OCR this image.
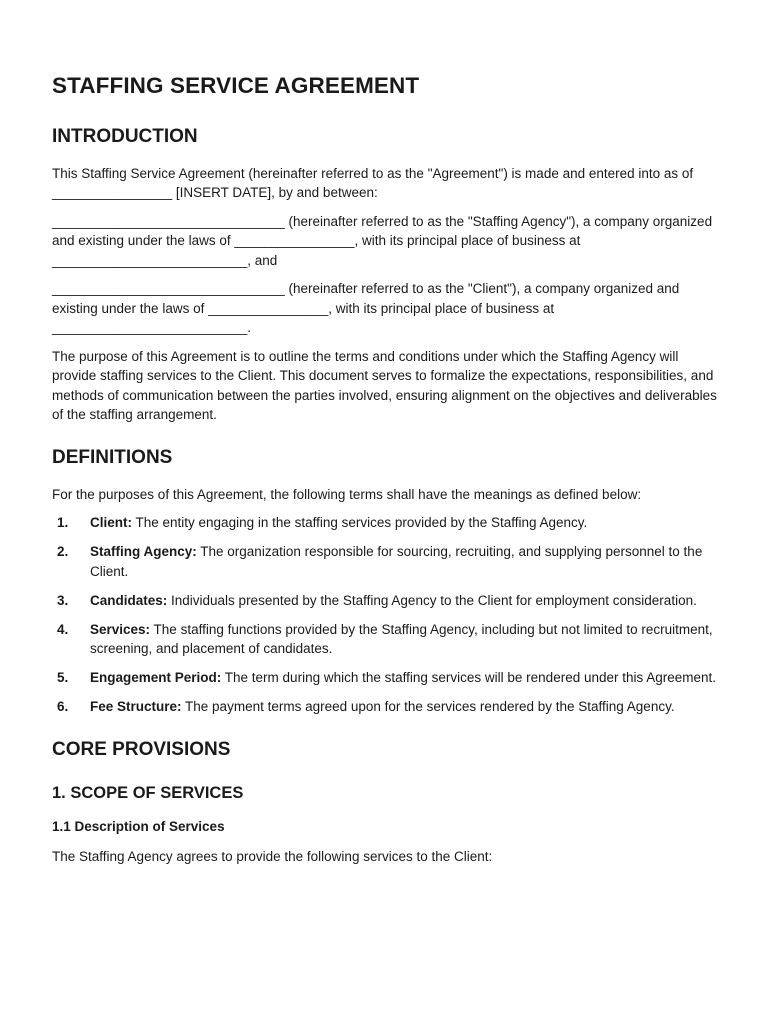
STAFFING SERVICE AGREEMENT
INTRODUCTION

This Staffing Service Agreement (hereinafter referred to as the "Agreement") is made and entered into as of ________________ [INSERT DATE], by and between:

_______________________________ (hereinafter referred to as the "Staffing Agency"), a company organized and existing under the laws of ________________, with its principal place of business at __________________________, and

_______________________________ (hereinafter referred to as the "Client"), a company organized and existing under the laws of ________________, with its principal place of business at __________________________.

The purpose of this Agreement is to outline the terms and conditions under which the Staffing Agency will provide staffing services to the Client. This document serves to formalize the expectations, responsibilities, and methods of communication between the parties involved, ensuring alignment on the objectives and deliverables of the staffing arrangement.

DEFINITIONS

For the purposes of this Agreement, the following terms shall have the meanings as defined below:

1.	Client: The entity engaging in the staffing services provided by the Staffing Agency.
2.	Staffing Agency: The organization responsible for sourcing, recruiting, and supplying personnel to the Client.
3.	Candidates: Individuals presented by the Staffing Agency to the Client for employment consideration.
4.	Services: The staffing functions provided by the Staffing Agency, including but not limited to recruitment, screening, and placement of candidates.
5.	Engagement Period: The term during which the staffing services will be rendered under this Agreement.
6.	Fee Structure: The payment terms agreed upon for the services rendered by the Staffing Agency.
CORE PROVISIONS
1. SCOPE OF SERVICES
1.1 Description of Services

The Staffing Agency agrees to provide the following services to the Client:
